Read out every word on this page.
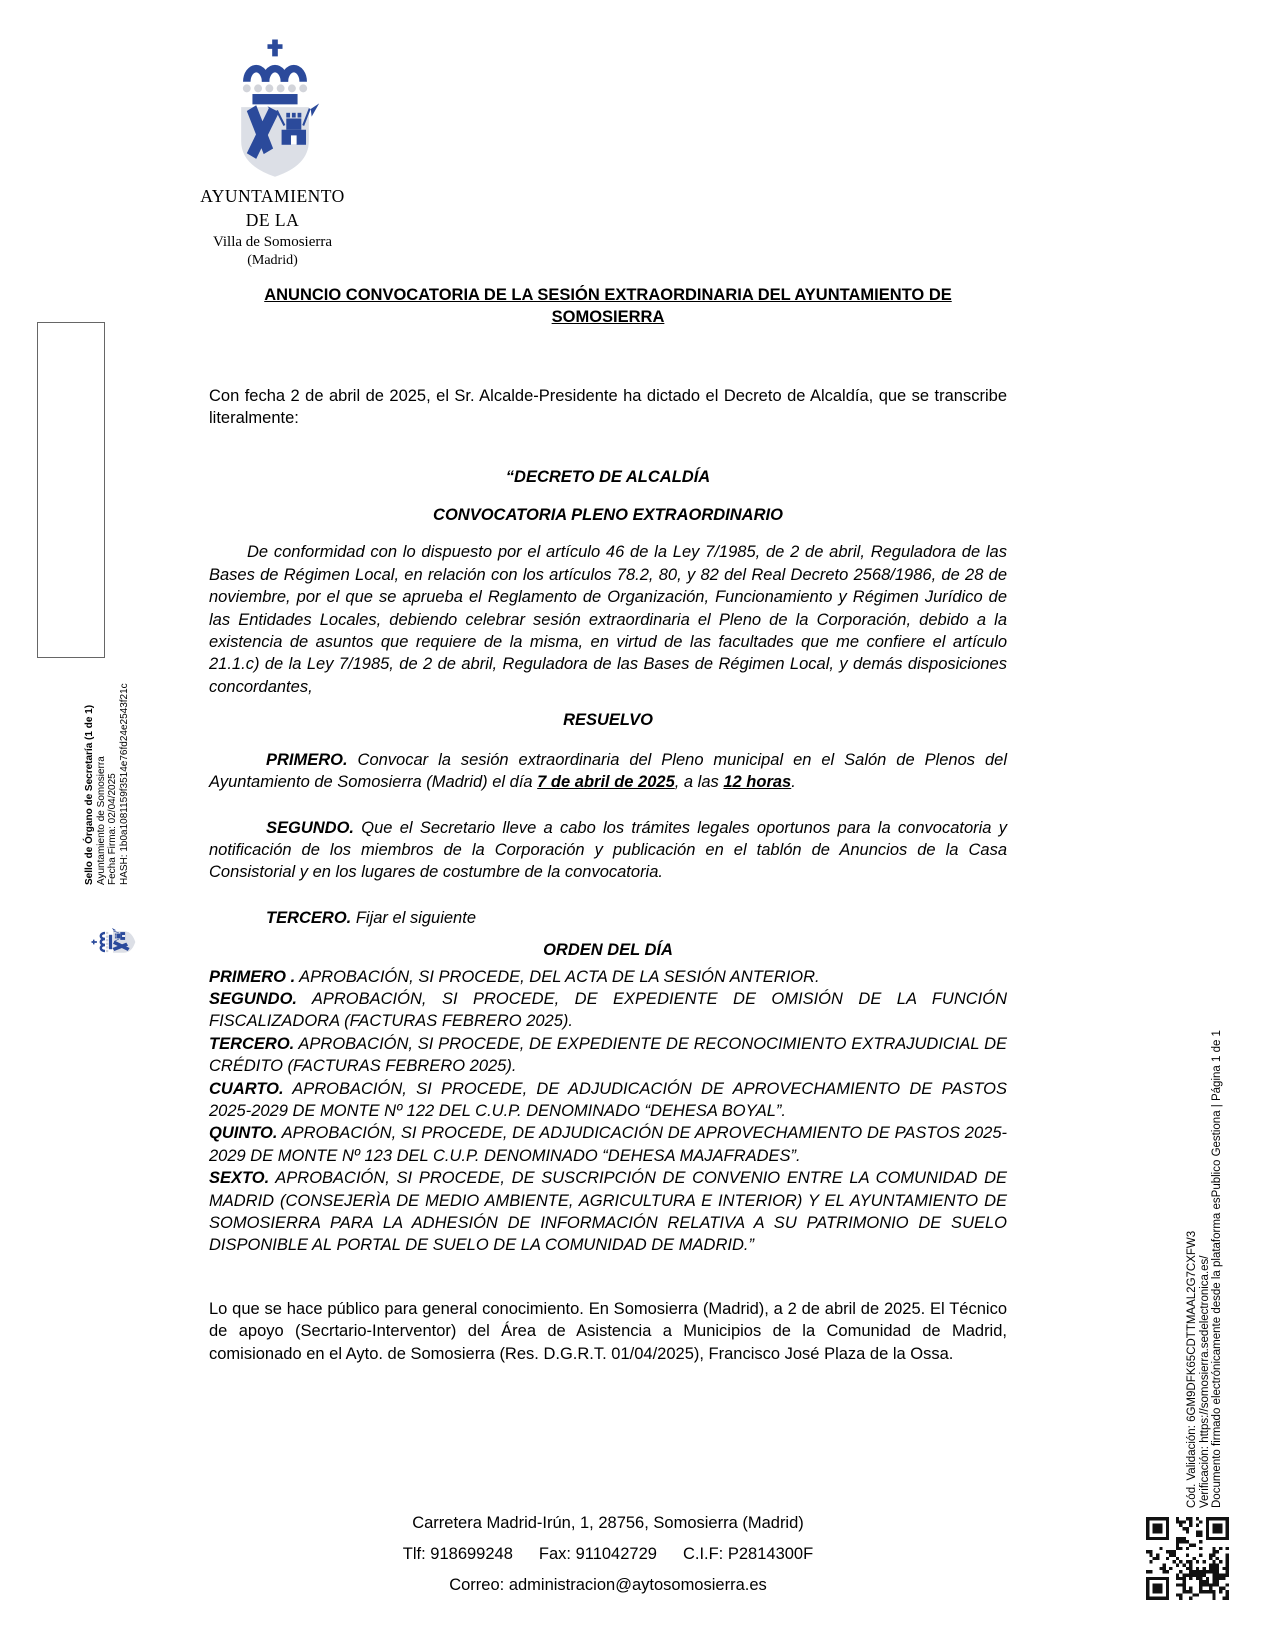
Sello de Órgano de Secretaría (1 de 1) Ayuntamiento de Somosierra Fecha Firma: 02/04/2025 HASH: 1b0a1081159f3514e76fd24e2543f21c
AYUNTAMIENTO
DE LA
Villa de Somosierra
(Madrid)

ANUNCIO CONVOCATORIA DE LA SESIÓN EXTRAORDINARIA DEL AYUNTAMIENTO DE SOMOSIERRA

Con fecha 2 de abril de 2025, el Sr. Alcalde-Presidente ha dictado el Decreto de Alcaldía, que se transcribe literalmente:

“DECRETO DE ALCALDÍA

CONVOCATORIA PLENO EXTRAORDINARIO

De conformidad con lo dispuesto por el artículo 46 de la Ley 7/1985, de 2 de abril, Reguladora de las Bases de Régimen Local, en relación con los artículos 78.2, 80, y 82 del Real Decreto 2568/1986, de 28 de noviembre, por el que se aprueba el Reglamento de Organización, Funcionamiento y Régimen Jurídico de las Entidades Locales, debiendo celebrar sesión extraordinaria el Pleno de la Corporación, debido a la existencia de asuntos que requiere de la misma, en virtud de las facultades que me confiere el artículo 21.1.c) de la Ley 7/1985, de 2 de abril, Reguladora de las Bases de Régimen Local, y demás disposiciones concordantes,

RESUELVO

PRIMERO. Convocar la sesión extraordinaria del Pleno municipal en el Salón de Plenos del Ayuntamiento de Somosierra (Madrid) el día 7 de abril de 2025, a las 12 horas.

SEGUNDO. Que el Secretario lleve a cabo los trámites legales oportunos para la convocatoria y notificación de los miembros de la Corporación y publicación en el tablón de Anuncios de la Casa Consistorial y en los lugares de costumbre de la convocatoria.

TERCERO. Fijar el siguiente

ORDEN DEL DÍA

PRIMERO . APROBACIÓN, SI PROCEDE, DEL ACTA DE LA SESIÓN ANTERIOR.

SEGUNDO. APROBACIÓN, SI PROCEDE, DE EXPEDIENTE DE OMISIÓN DE LA FUNCIÓN FISCALIZADORA (FACTURAS FEBRERO 2025).

TERCERO. APROBACIÓN, SI PROCEDE, DE EXPEDIENTE DE RECONOCIMIENTO EXTRAJUDICIAL DE CRÉDITO (FACTURAS FEBRERO 2025).

CUARTO. APROBACIÓN, SI PROCEDE, DE ADJUDICACIÓN DE APROVECHAMIENTO DE PASTOS 2025-2029 DE MONTE Nº 122 DEL C.U.P. DENOMINADO “DEHESA BOYAL”.

QUINTO. APROBACIÓN, SI PROCEDE, DE ADJUDICACIÓN DE APROVECHAMIENTO DE PASTOS 2025-2029 DE MONTE Nº 123 DEL C.U.P. DENOMINADO “DEHESA MAJAFRADES”.

SEXTO. APROBACIÓN, SI PROCEDE, DE SUSCRIPCIÓN DE CONVENIO ENTRE LA COMUNIDAD DE MADRID (CONSEJERÌA DE MEDIO AMBIENTE, AGRICULTURA E INTERIOR) Y EL AYUNTAMIENTO DE SOMOSIERRA PARA LA ADHESIÓN DE INFORMACIÓN RELATIVA A SU PATRIMONIO DE SUELO DISPONIBLE AL PORTAL DE SUELO DE LA COMUNIDAD DE MADRID.”

Lo que se hace público para general conocimiento. En Somosierra (Madrid), a 2 de abril de 2025. El Técnico de apoyo (Secrtario-Interventor) del Área de Asistencia a Municipios de la Comunidad de Madrid, comisionado en el Ayto. de Somosierra (Res. D.G.R.T. 01/04/2025), Francisco José Plaza de la Ossa.	Cód. Validación: 6GM9DFK65CDTTMAAL2G7CXFW3 Verificación: https://somosierra.sedelectronica.es/ Documento firmado electrónicamente desde la plataforma esPublico Gestiona | Página 1 de 1
Carretera Madrid-Irún, 1, 28756, Somosierra (Madrid)
Tlf: 918699248 Fax: 911042729 C.I.F: P2814300F
Correo: administracion@aytosomosierra.es
